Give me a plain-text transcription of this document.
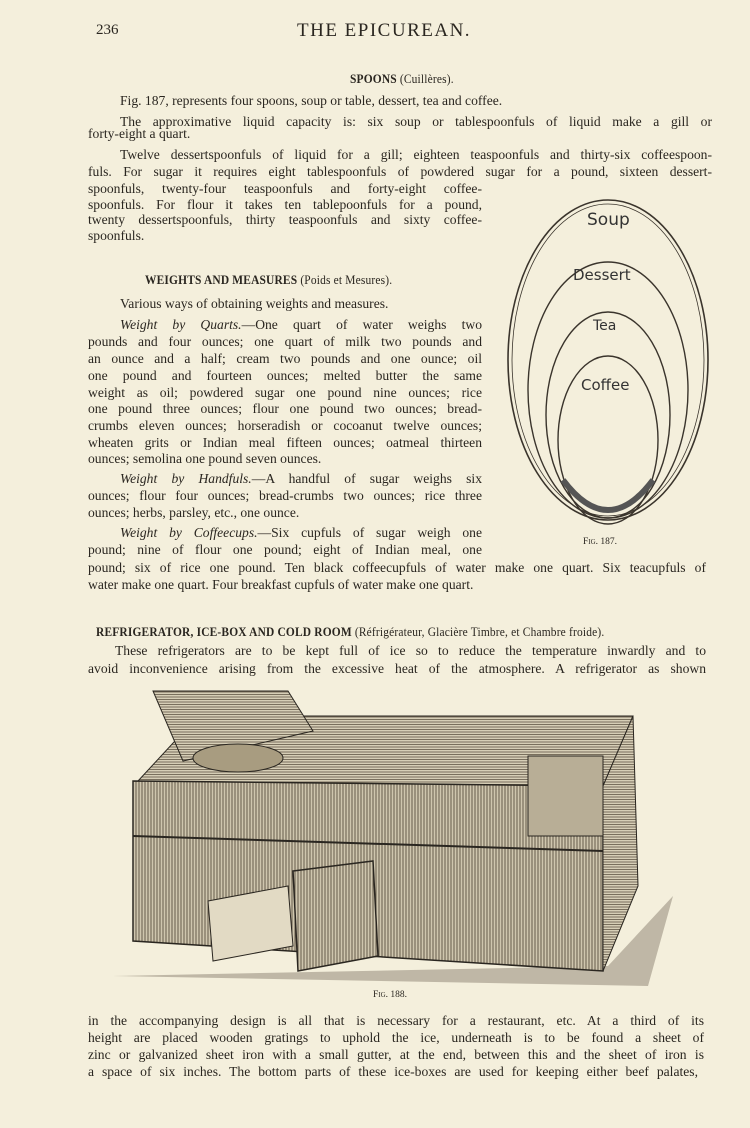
236	THE EPICUREAN.
SPOONS (Cuillères).
Fig. 187, represents four spoons, soup or table, dessert, tea and coffee.
The approximative liquid capacity is: six soup or tablespoonfuls of liquid make a gill or
forty-eight a quart.
Twelve dessertspoonfuls of liquid for a gill; eighteen teaspoonfuls and thirty-six coffeespoon-
fuls. For sugar it requires eight tablespoonfuls of powdered sugar for a pound, sixteen dessert-
spoonfuls, twenty-four teaspoonfuls and forty-eight coffee-
spoonfuls. For flour it takes ten tablepoonfuls for a pound,
twenty dessertspoonfuls, thirty teaspoonfuls and sixty coffee-
spoonfuls.
Soup
Dessert
Tea
Coffee
Fig. 187.
WEIGHTS AND MEASURES (Poids et Mesures).
Various ways of obtaining weights and measures.
Weight by Quarts.—One quart of water weighs two
pounds and four ounces; one quart of milk two pounds and
an ounce and a half; cream two pounds and one ounce; oil
one pound and fourteen ounces; melted butter the same
weight as oil; powdered sugar one pound nine ounces; rice
one pound three ounces; flour one pound two ounces; bread-
crumbs eleven ounces; horseradish or cocoanut twelve ounces;
wheaten grits or Indian meal fifteen ounces; oatmeal thirteen
ounces; semolina one pound seven ounces.
Weight by Handfuls.—A handful of sugar weighs six
ounces; flour four ounces; bread-crumbs two ounces; rice three
ounces; herbs, parsley, etc., one ounce.
Weight by Coffeecups.—Six cupfuls of sugar weigh one
pound; nine of flour one pound; eight of Indian meal, one
pound; six of rice one pound. Ten black coffeecupfuls of water make one quart. Six teacupfuls of
water make one quart. Four breakfast cupfuls of water make one quart.
REFRIGERATOR, ICE-BOX AND COLD ROOM (Réfrigérateur, Glacière Timbre, et Chambre froide).
These refrigerators are to be kept full of ice so to reduce the temperature inwardly and to
avoid inconvenience arising from the excessive heat of the atmosphere. A refrigerator as shown
Fig. 188.
in the accompanying design is all that is necessary for a restaurant, etc. At a third of its
height are placed wooden gratings to uphold the ice, underneath is to be found a sheet of
zinc or galvanized sheet iron with a small gutter, at the end, between this and the sheet of iron is
a space of six inches. The bottom parts of these ice-boxes are used for keeping either beef palates,
